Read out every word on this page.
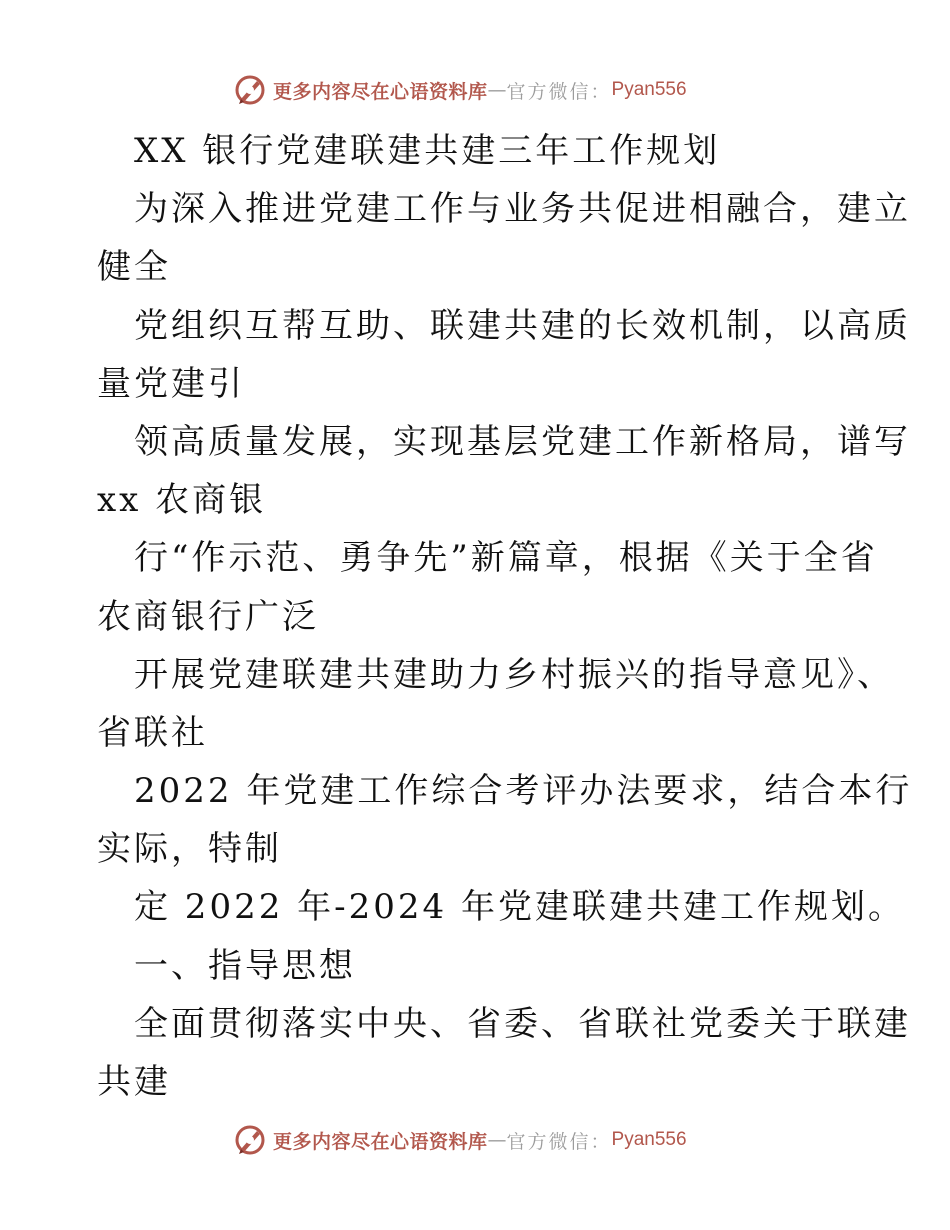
更多内容尽在心语资料库 — 官方微信： Pyan556
XX 银行党建联建共建三年工作规划
为深入推进党建工作与业务共促进相融合，建立
健全
党组织互帮互助、联建共建的长效机制，以高质
量党建引
领高质量发展，实现基层党建工作新格局，谱写
xx 农商银
行“作示范、勇争先”新篇章，根据《关于全省
农商银行广泛
开展党建联建共建助力乡村振兴的指导意见》、
省联社
2022 年党建工作综合考评办法要求，结合本行
实际，特制
定 2022 年-2024 年党建联建共建工作规划。
一、指导思想
全面贯彻落实中央、省委、省联社党委关于联建
共建
更多内容尽在心语资料库 — 官方微信： Pyan556
